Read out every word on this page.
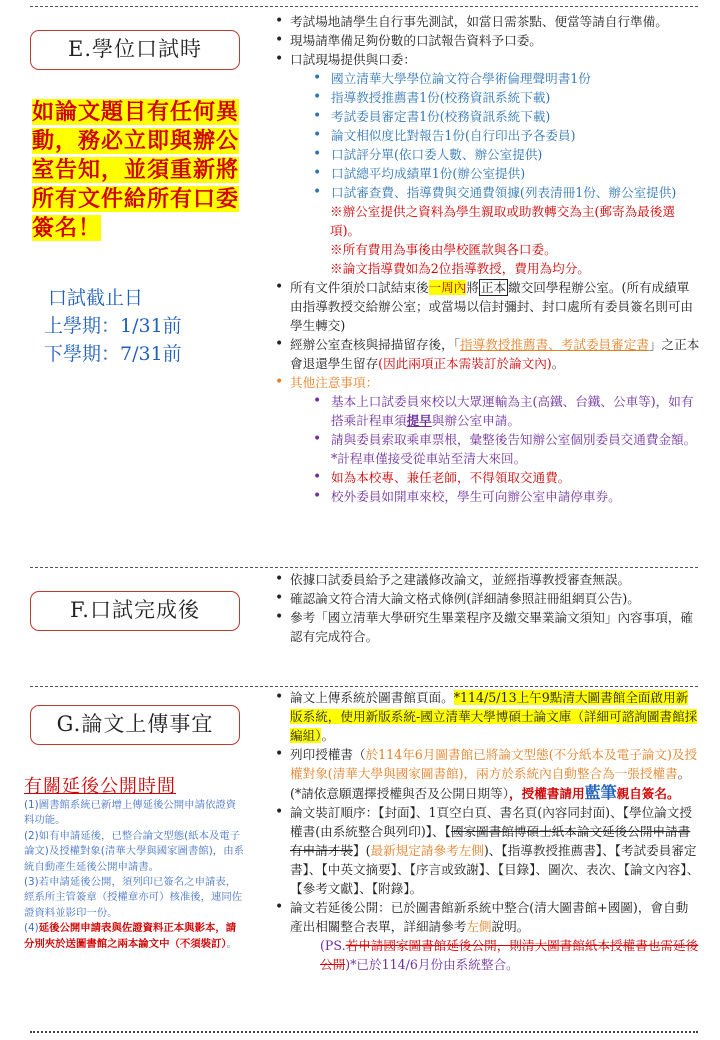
E.學位口試時
F.口試完成後
G.論文上傳事宜
如論文題目有任何異
動，務必立即與辦公
室告知，並須重新將
所有文件給所有口委
簽名！
口試截止日
上學期：1/31前
下學期：7/31前
• 考試場地請學生自行事先測試，如當日需茶點、便當等請自行準備。
• 現場請準備足夠份數的口試報告資料予口委。
• 口試現場提供與口委：
• 國立清華大學學位論文符合學術倫理聲明書1份
• 指導教授推薦書1份(校務資訊系統下載)
• 考試委員審定書1份(校務資訊系統下載)
• 論文相似度比對報告1份(自行印出予各委員)
• 口試評分單(依口委人數、辦公室提供)
• 口試總平均成績單1份(辦公室提供)
• 口試審查費、指導費與交通費領據(列表清冊1份、辦公室提供)
※辦公室提供之資料為學生親取或助教轉交為主(郵寄為最後選項)。
※所有費用為事後由學校匯款與各口委。
※論文指導費如為2位指導教授，費用為均分。
• 所有文件須於口試結束後一周內將 正本 繳交回學程辦公室。(所有成績單由指導教授交給辦公室；或當場以信封彌封、封口處所有委員簽名則可由學生轉交)
• 經辦公室查核與掃描留存後，「指導教授推薦書、考試委員審定書」之正本會退還學生留存(因此兩項正本需裝訂於論文內)。
• 其他注意事項：
• 基本上口試委員來校以大眾運輸為主(高鐵、台鐵、公車等)，如有搭乘計程車須提早與辦公室申請。
• 請與委員索取乘車票根，彙整後告知辦公室個別委員交通費金額。*計程車僅接受從車站至清大來回。
• 如為本校專、兼任老師，不得領取交通費。
• 校外委員如開車來校，學生可向辦公室申請停車券。
• 依據口試委員給予之建議修改論文，並經指導教授審查無誤。
• 確認論文符合清大論文格式條例(詳細請參照註冊組網頁公告)。
• 參考「國立清華大學研究生畢業程序及繳交畢業論文須知」內容事項，確認有完成符合。
• 論文上傳系統於圖書館頁面。*114/5/13上午9點清大圖書館全面啟用新版系統，使用新版系統-國立清華大學博碩士論文庫（詳細可諮詢圖書館採編組）。
• 列印授權書（於114年6月圖書館已將論文型態(不分紙本及電子論文)及授權對象(清華大學與國家圖書館)，兩方於系統內自動整合為一張授權書。(*請依意願選擇授權與否及公開日期等），授權書請用藍筆親自簽名。
• 論文裝訂順序：【封面】、1頁空白頁、書名頁(內容同封面)、【學位論文授權書(由系統整合與列印)】、【國家圖書館博碩士紙本論文延後公開申請書有申請才裝】(最新規定請參考左側)、【指導教授推薦書】、【考試委員審定書】、【中英文摘要】、【序言或致謝】、【目錄】、圖次、表次、【論文內容】、【參考文獻】、【附錄】。
• 論文若延後公開：已於圖書館新系統中整合(清大圖書館+國圖)，會自動產出相關整合表單，詳細請參考左側說明。
(PS.若申請國家圖書館延後公開，則清大圖書館紙本授權書也需延後公開)*已於114/6月份由系統整合。
有關延後公開時間
(1)圖書館系統已新增上傳延後公開申請依證資料功能。
(2)如有申請延後，已整合論文型態(紙本及電子論文)及授權對象(清華大學與國家圖書館)，由系統自動產生延後公開申請書。
(3)若申請延後公開，須列印已簽名之申請表，經系所主管簽章（授權章亦可）核准後，連同佐證資料並影印一份。
(4)延後公開申請表與佐證資料正本與影本，請分別夾於送圖書館之兩本論文中（不須裝訂）。
